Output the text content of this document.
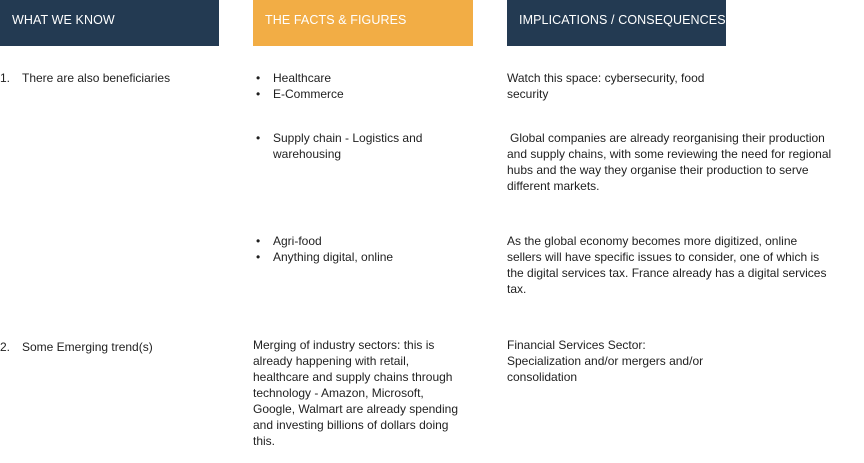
WHAT WE KNOW	THE FACTS & FIGURES	IMPLICATIONS / CONSEQUENCES
1. There are also beneficiaries
•	Healthcare
• E-Commerce
Watch this space: cybersecurity, food security
• Supply chain - Logistics and warehousing
Global companies are already reorganising their production and supply chains, with some reviewing the need for regional hubs and the way they organise their production to serve different markets.
• Agri-food
• Anything digital, online
As the global economy becomes more digitized, online sellers will have specific issues to consider, one of which is the digital services tax. France already has a digital services tax.
2. Some Emerging trend(s)	Merging of industry sectors: this is already happening with retail, healthcare and supply chains through technology - Amazon, Microsoft, Google, Walmart are already spending and investing billions of dollars doing this.
Financial Services Sector: Specialization and/or mergers and/or consolidation
